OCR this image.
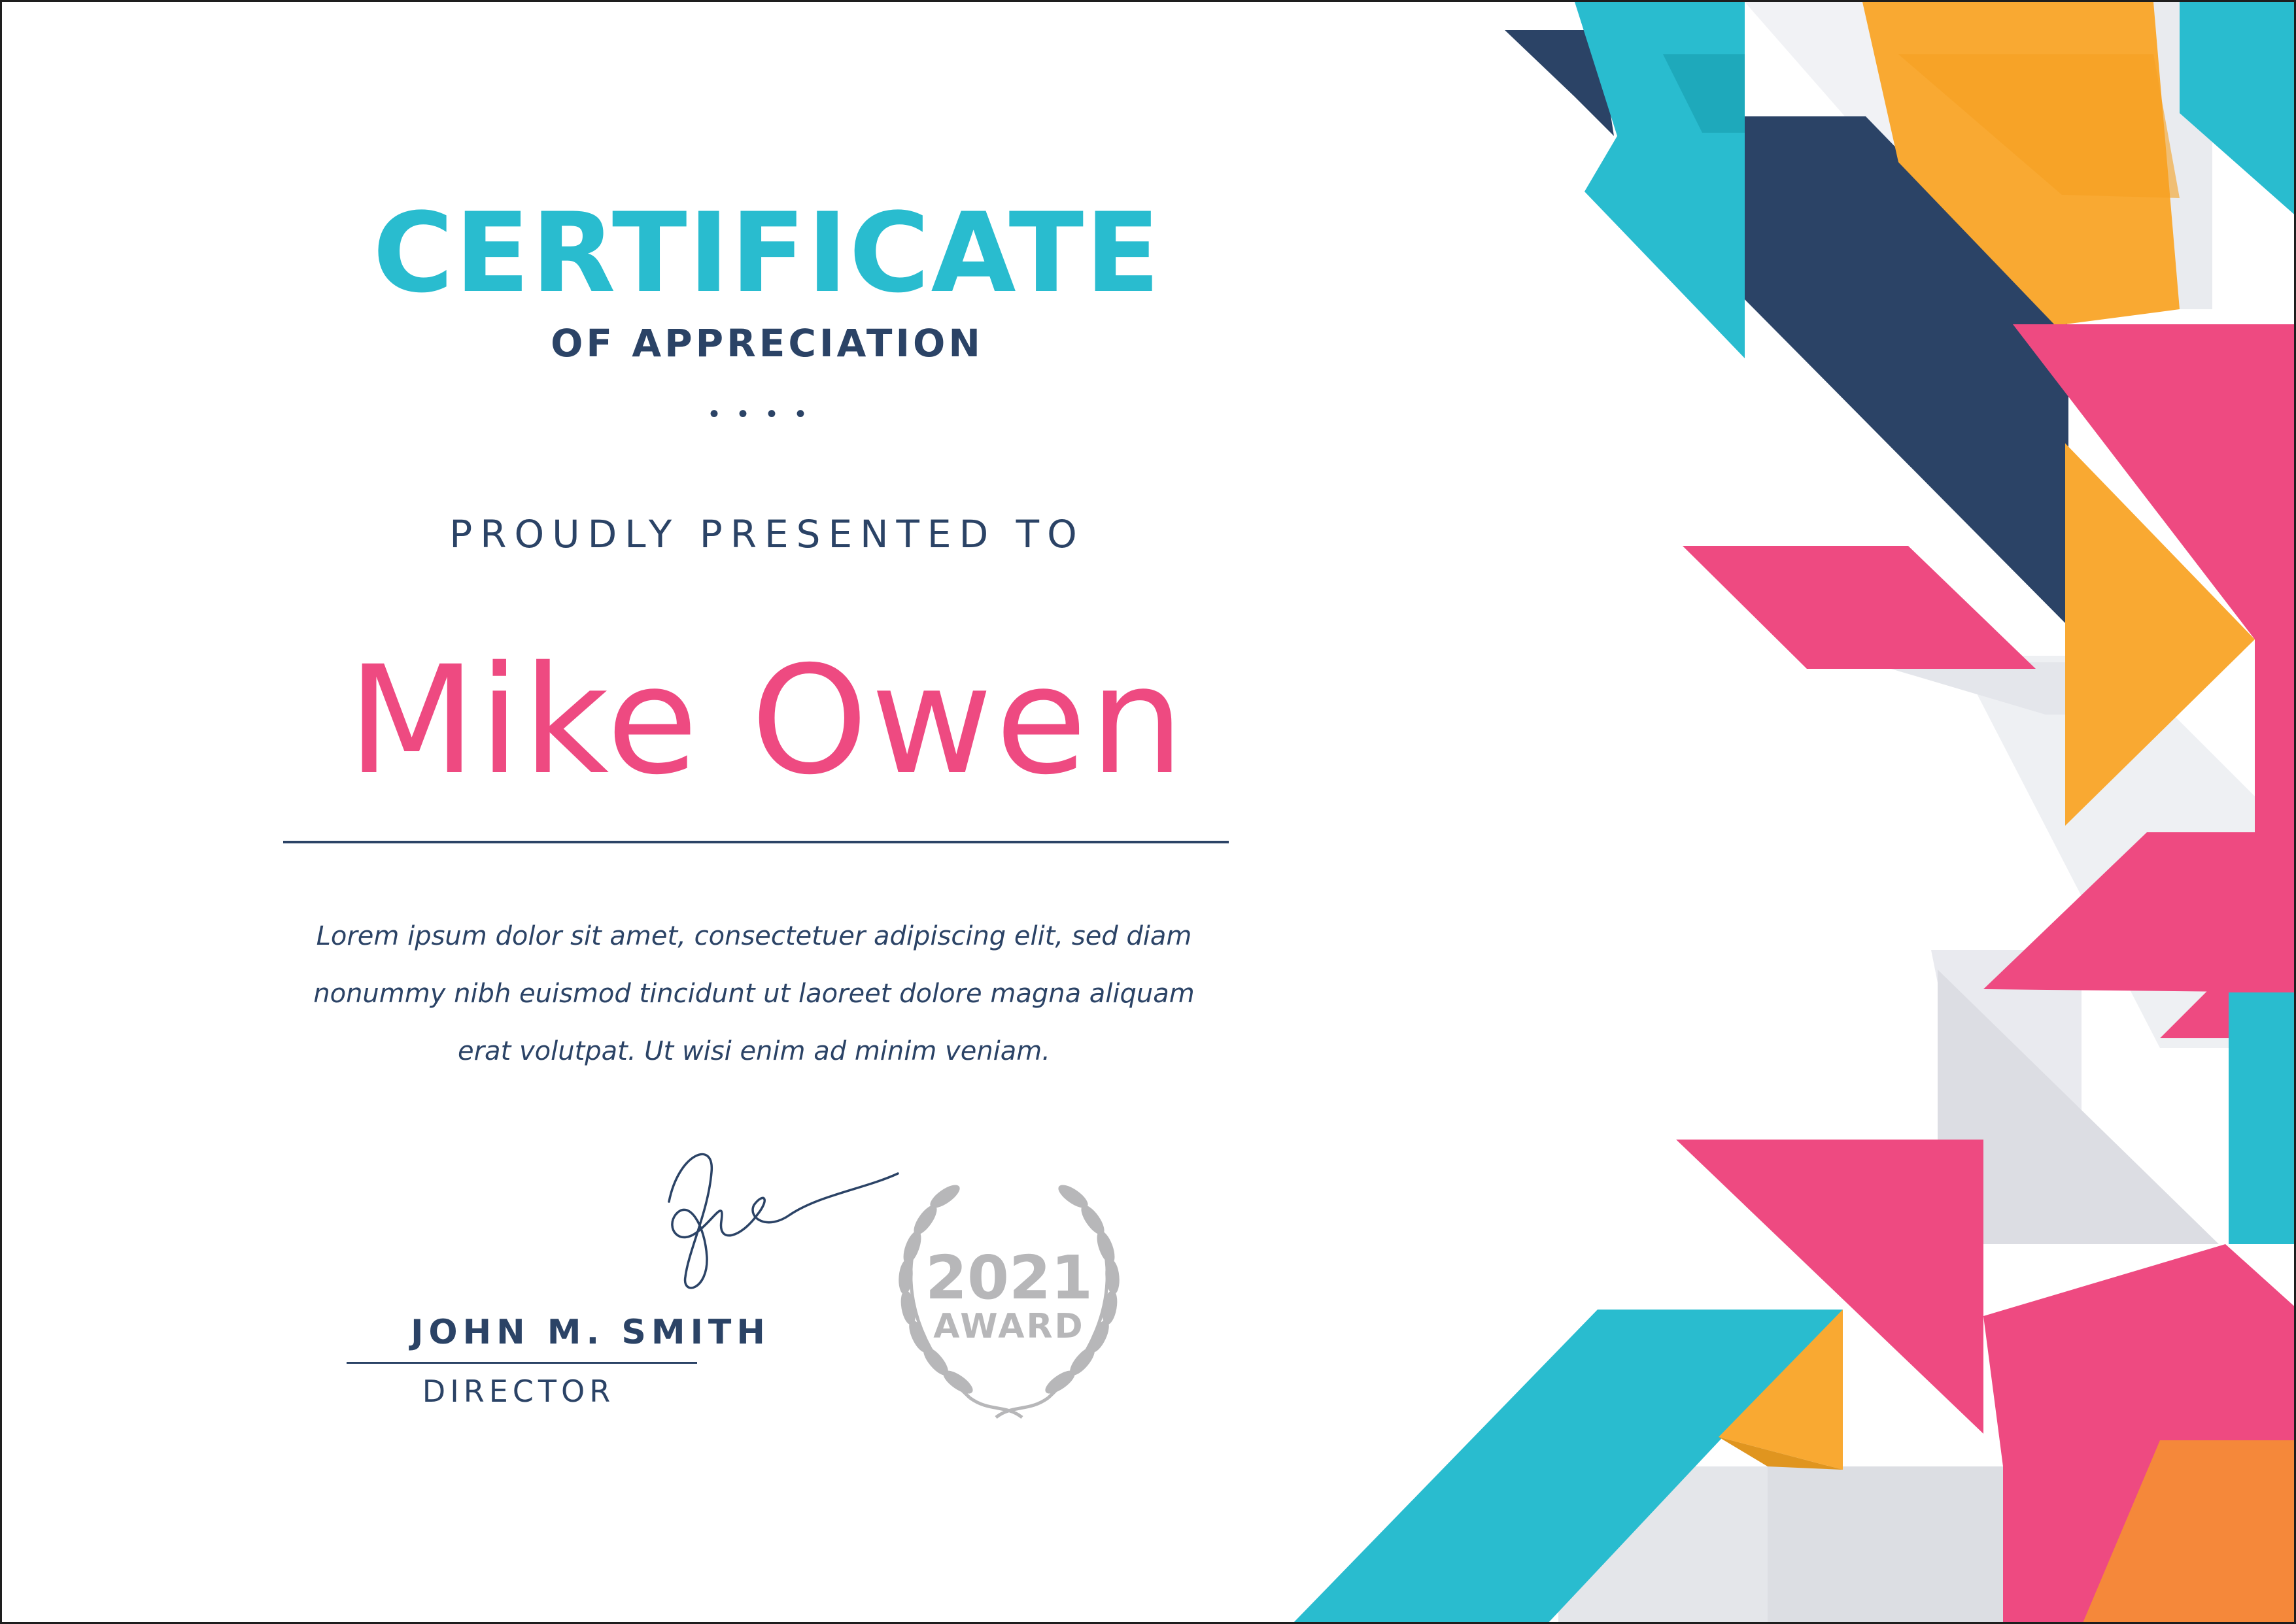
CERTIFICATE
OF APPRECIATION
••••
PROUDLY PRESENTED TO
Mike Owen
Lorem ipsum dolor sit amet, consectetuer adipiscing elit, sed diam
nonummy nibh euismod tincidunt ut laoreet dolore magna aliquam
erat volutpat. Ut wisi enim ad minim veniam.
JOHN M. SMITH
DIRECTOR
2021
AWARD
